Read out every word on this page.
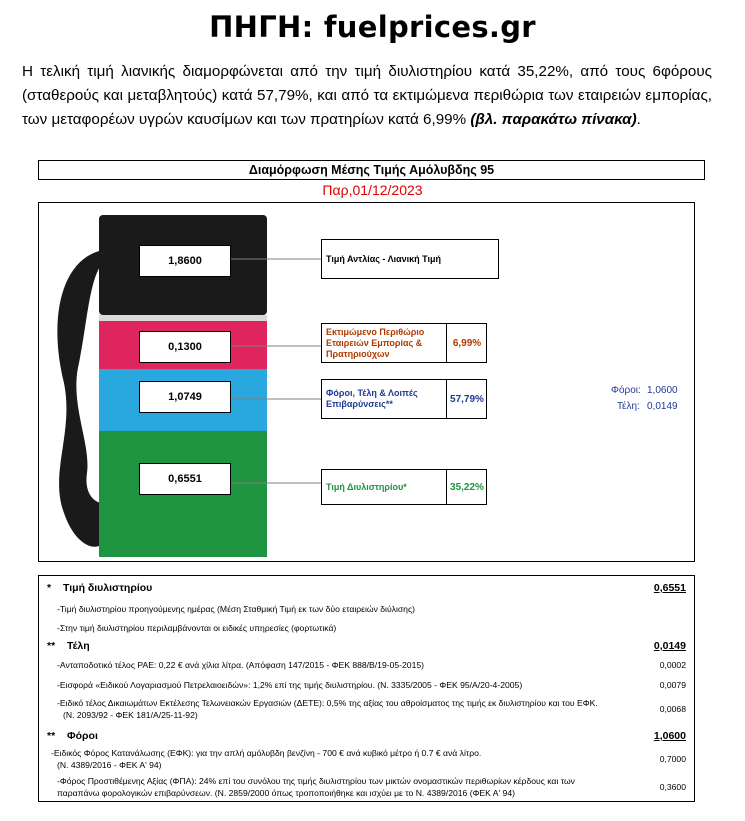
ΠΗΓΗ: fuelprices.gr

Η τελική τιμή λιανικής διαμορφώνεται από την τιμή διυλιστηρίου κατά 35,22%, από τους 6φόρους (σταθερούς και μεταβλητούς) κατά 57,79%, και από τα εκτιμώμενα περιθώρια των εταιρειών εμπορίας, των μεταφορέων υγρών καυσίμων και των πρατηρίων κατά 6,99% (βλ. παρακάτω πίνακα).

Διαμόρφωση Μέσης Τιμής Αμόλυβδης 95
Παρ,01/12/2023
1,8600
0,1300
1,0749
0,6551
Τιμή Αντλίας - Λιανική Τιμή
Εκτιμώμενο Περιθώριο Εταιρειών Εμπορίας & Πρατηριούχων
6,99%
Φόροι, Τέλη & Λοιπές Επιβαρύνσεις**	57,79%
Τιμή Διυλιστηρίου*	35,22%
Φόροι: 1,0600
Τέλη: 0,0149
* Τιμή διυλιστηρίου	0,6551
-Τιμή διυλιστηρίου προηγούμενης ημέρας (Μέση Σταθμική Τιμή εκ των δύο εταιρειών διύλισης)
-Στην τιμή διυλιστηρίου περιλαμβάνονται οι ειδικές υπηρεσίες (φορτωτικά)
** Τέλη	0,0149
-Ανταποδοτικό τέλος ΡΑΕ: 0,22 € ανά χίλια λίτρα. (Απόφαση 147/2015 - ΦΕΚ 888/Β/19-05-2015)	0,0002
-Εισφορά «Ειδικού Λογαριασμού Πετρελαιοειδών»: 1,2% επί της τιμής διυλιστηρίου. (Ν. 3335/2005 - ΦΕΚ 95/Α/20-4-2005)	0,0079
-Ειδικό τέλος Δικαιωμάτων Εκτέλεσης Τελωνειακών Εργασιών (ΔΕΤΕ): 0,5% της αξίας του αθροίσματος της τιμής εκ διυλιστηρίου και του ΕΦΚ.
(Ν. 2093/92 - ΦΕΚ 181/Α/25-11-92)
0,0068
** Φόροι	1,0600
-Ειδικός Φόρος Κατανάλωσης (ΕΦΚ): για την απλή αμόλυβδη βενζίνη - 700 € ανά κυβικό μέτρο ή 0.7 € ανά λίτρο.
(Ν. 4389/2016 - ΦΕΚ Α' 94)
0,7000
-Φόρος Προστιθέμενης Αξίας (ΦΠΑ): 24% επί του συνόλου της τιμής διυλιστηρίου των μικτών ονομαστικών περιθωρίων κέρδους και των
παραπάνω φορολογικών επιβαρύνσεων. (Ν. 2859/2000 όπως τροποποιήθηκε και ισχύει με το Ν. 4389/2016 (ΦΕΚ Α' 94)
0,3600
